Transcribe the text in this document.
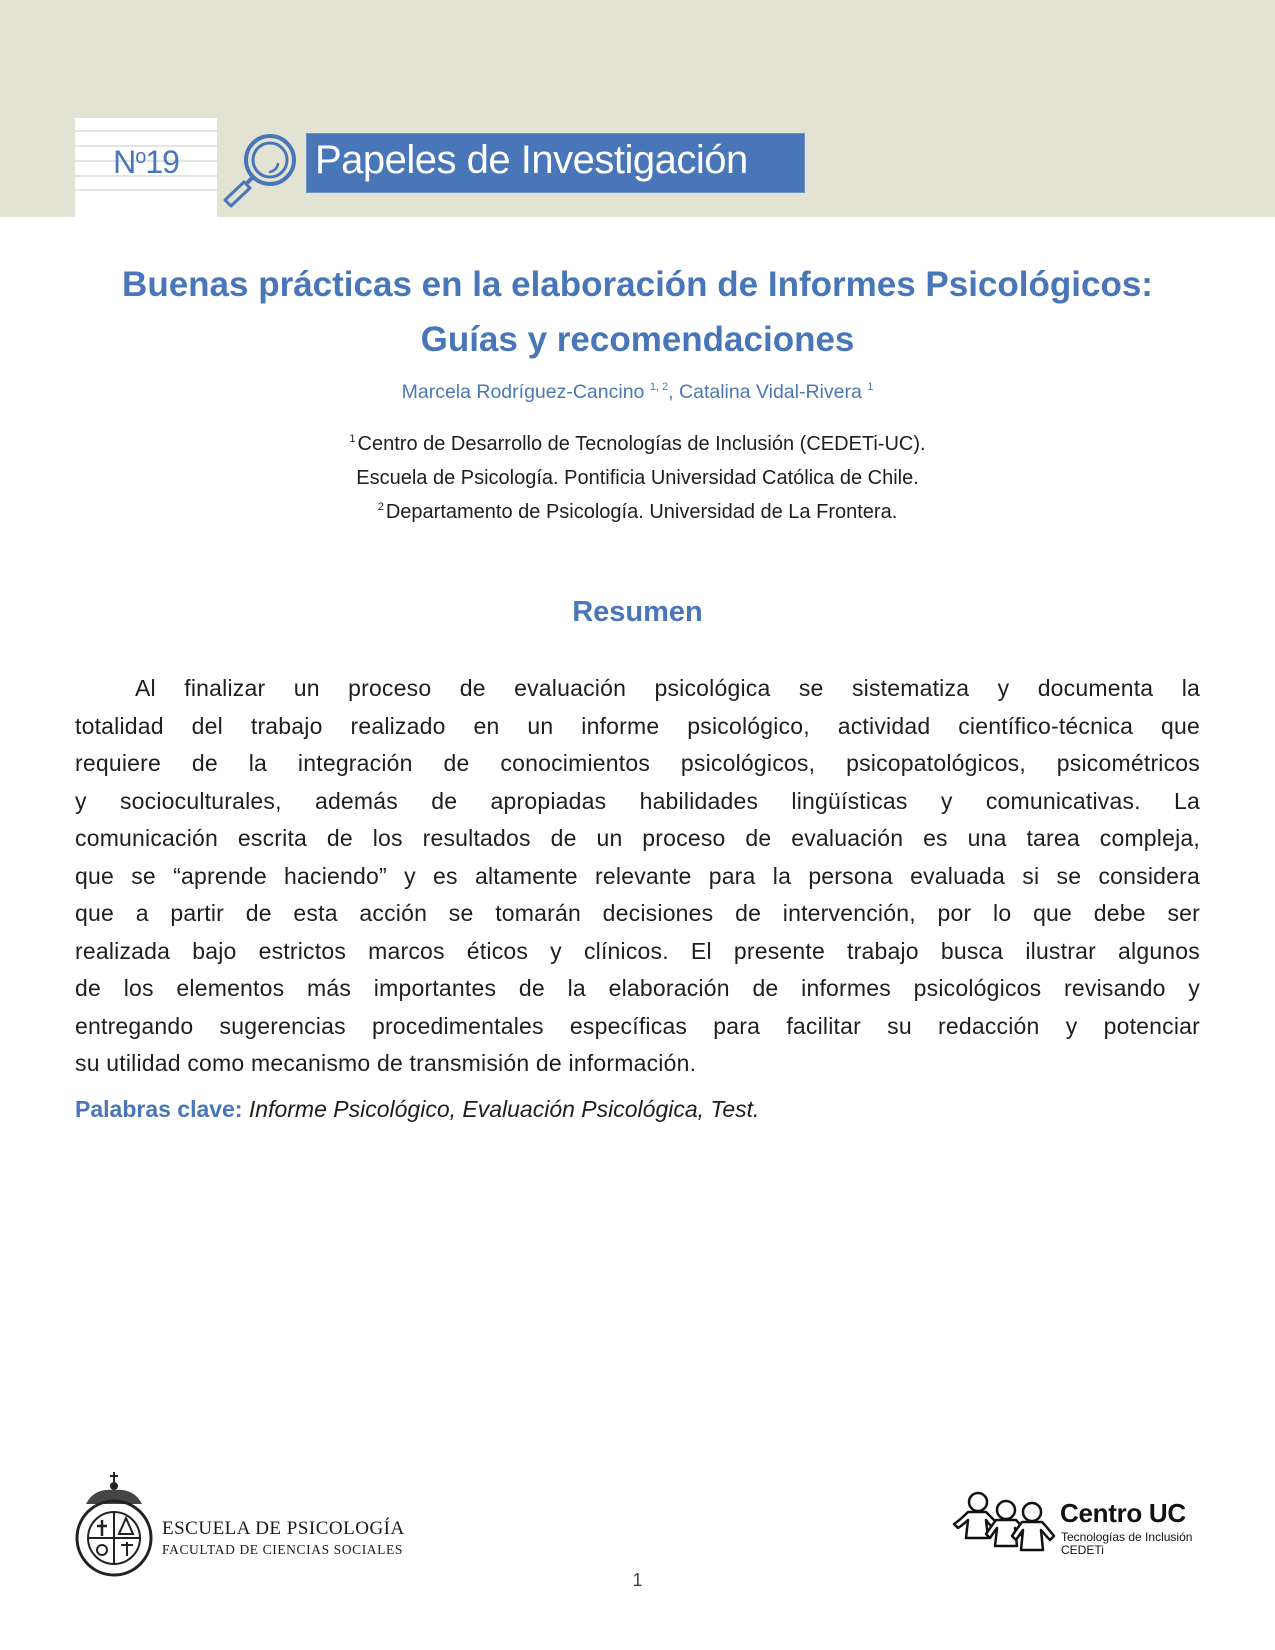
$N^o19$	Papeles de Investigación
Buenas prácticas en la elaboración de Informes Psicológicos:
Guías y recomendaciones
Marcela Rodríguez-Cancino $^{1, 2}$, Catalina Vidal-Rivera $^1$
$^1$ Centro de Desarrollo de Tecnologías de Inclusión (CEDETi-UC).
Escuela de Psicología. Pontificia Universidad Católica de Chile.
$^2$ Departamento de Psicología. Universidad de La Frontera.
Resumen
Al finalizar un proceso de evaluación psicológica se sistematiza y documenta la
totalidad del trabajo realizado en un informe psicológico, actividad científico-técnica que
requiere de la integración de conocimientos psicológicos, psicopatológicos, psicométricos
y socioculturales, además de apropiadas habilidades lingüísticas y comunicativas. La
comunicación escrita de los resultados de un proceso de evaluación es una tarea compleja,
que se “aprende haciendo” y es altamente relevante para la persona evaluada si se considera
que a partir de esta acción se tomarán decisiones de intervención, por lo que debe ser
realizada bajo estrictos marcos éticos y clínicos. El presente trabajo busca ilustrar algunos
de los elementos más importantes de la elaboración de informes psicológicos revisando y
entregando sugerencias procedimentales específicas para facilitar su redacción y potenciar
su utilidad como mecanismo de transmisión de información.
Palabras clave: Informe Psicológico, Evaluación Psicológica, Test.
ESCUELA DE PSICOLOGÍA
FACULTAD DE CIENCIAS SOCIALES
Centro UC
Tecnologías de Inclusión
CEDETi
1
